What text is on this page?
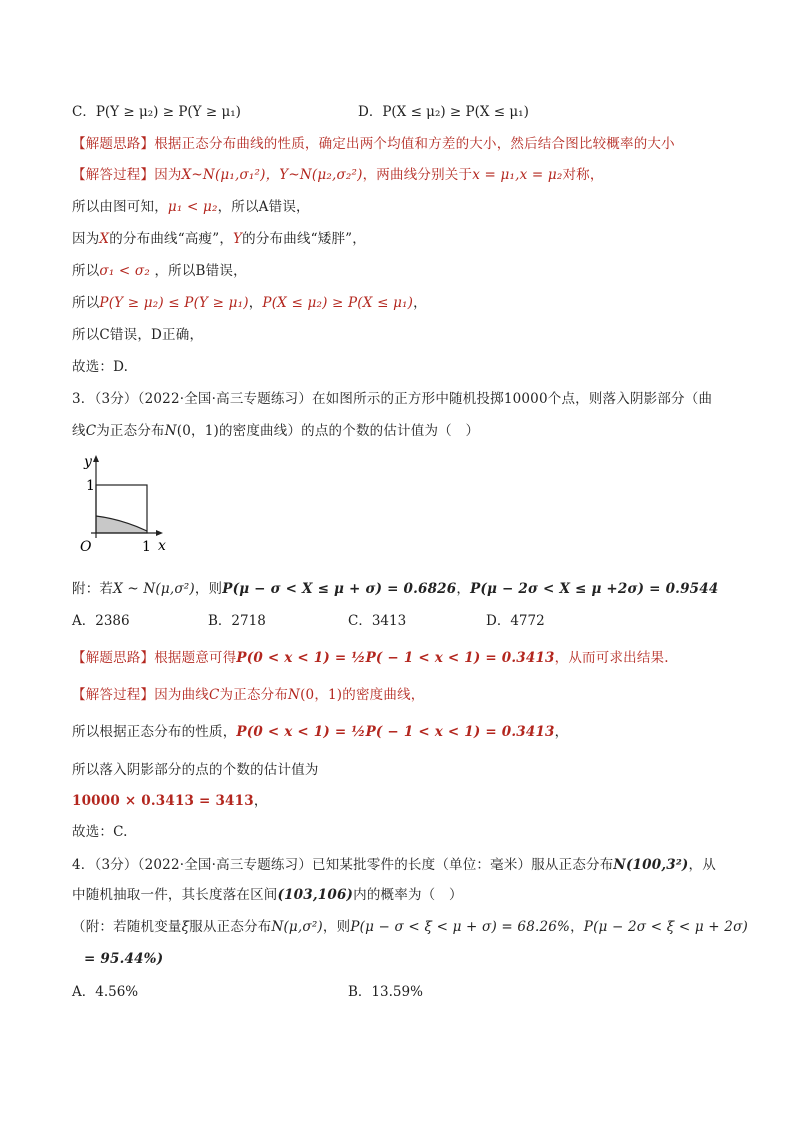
C．P(Y ≥ μ₂) ≥ P(Y ≥ μ₁)	D．P(X ≤ μ₂) ≥ P(X ≤ μ₁)
【解题思路】根据正态分布曲线的性质，确定出两个均值和方差的大小，然后结合图比较概率的大小
【解答过程】因为X~N(μ₁,σ₁²)，Y~N(μ₂,σ₂²)，两曲线分别关于x = μ₁,x = μ₂对称，
所以由图可知，μ₁ < μ₂，所以A错误，
因为X的分布曲线“高瘦”，Y的分布曲线“矮胖”，
所以σ₁ < σ₂ ，所以B错误，
所以P(Y ≥ μ₂) ≤ P(Y ≥ μ₁)，P(X ≤ μ₂) ≥ P(X ≤ μ₁)，
所以C错误，D正确，
故选：D.
3．（3分）（2022·全国·高三专题练习）在如图所示的正方形中随机投掷10000个点，则落入阴影部分（曲
线C为正态分布N(0，1)的密度曲线）的点的个数的估计值为（　）
y
1
O	1 x
附：若X ~ N(μ,σ²)，则P(μ − σ < X ≤ μ + σ) = 0.6826，P(μ − 2σ < X ≤ μ +2σ) = 0.9544
A．2386	B．2718	C．3413	D．4772
【解题思路】根据题意可得P(0 < x < 1) = ½P( − 1 < x < 1) = 0.3413，从而可求出结果.
【解答过程】因为曲线C为正态分布N(0，1)的密度曲线，
所以根据正态分布的性质，P(0 < x < 1) = ½P( − 1 < x < 1) = 0.3413，
所以落入阴影部分的点的个数的估计值为
10000 × 0.3413 = 3413，
故选：C.
4．（3分）（2022·全国·高三专题练习）已知某批零件的长度（单位：毫米）服从正态分布N(100,3²)，从
中随机抽取一件，其长度落在区间(103,106)内的概率为（　）
（附：若随机变量ξ服从正态分布N(μ,σ²)，则P(μ − σ < ξ < μ + σ) = 68.26%，P(μ − 2σ < ξ < μ + 2σ)
= 95.44%)
A．4.56%	B．13.59%
